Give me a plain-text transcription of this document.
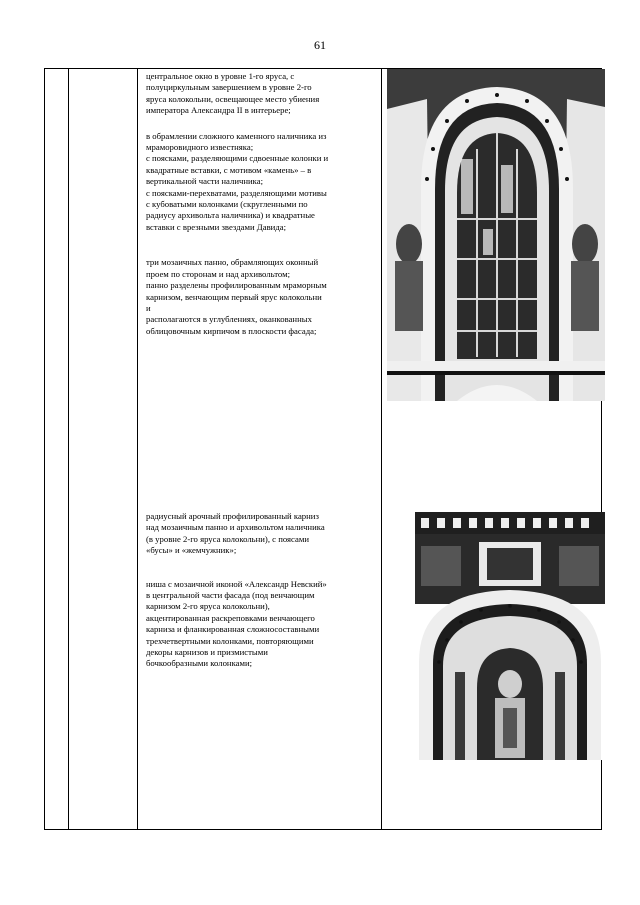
61

центральное окно в уровне 1-го яруса, с
полуциркульным завершением в уровне 2-го
яруса колокольни, освещающее место убиения
императора Александра II в интерьере;

в обрамлении сложного каменного наличника из
мраморовидного известняка;
с поясками, разделяющими сдвоенные колонки и
квадратные вставки, с мотивом «камень» – в
вертикальной части наличника;
с поясками-перехватами, разделяющими мотивы
с кубоватыми колонками (скругленными по
радиусу архивольта наличника) и квадратные
вставки с врезными звездами Давида;

три мозаичных панно, обрамляющих оконный
проем по сторонам и над архивольтом;
панно разделены профилированным мраморным
карнизом, венчающим первый ярус колокольни
и
располагаются в углублениях, оканкованных
облицовочным кирпичом в плоскости фасада;

радиусный арочный профилированный карниз
над мозаичным панно и архивольтом наличника
(в уровне 2-го яруса колокольни), с поясами
«бусы» и «жемчужник»;

ниша с мозаичной иконой «Александр Невский»
в центральной части фасада (под венчающим
карнизом 2-го яруса колокольни),
акцентированная раскреповками венчающего
карниза и фланкированная сложносоставными
трехчетвертными колонками, повторяющими
декоры карнизов и призмистыми
бочкообразными колонками;
